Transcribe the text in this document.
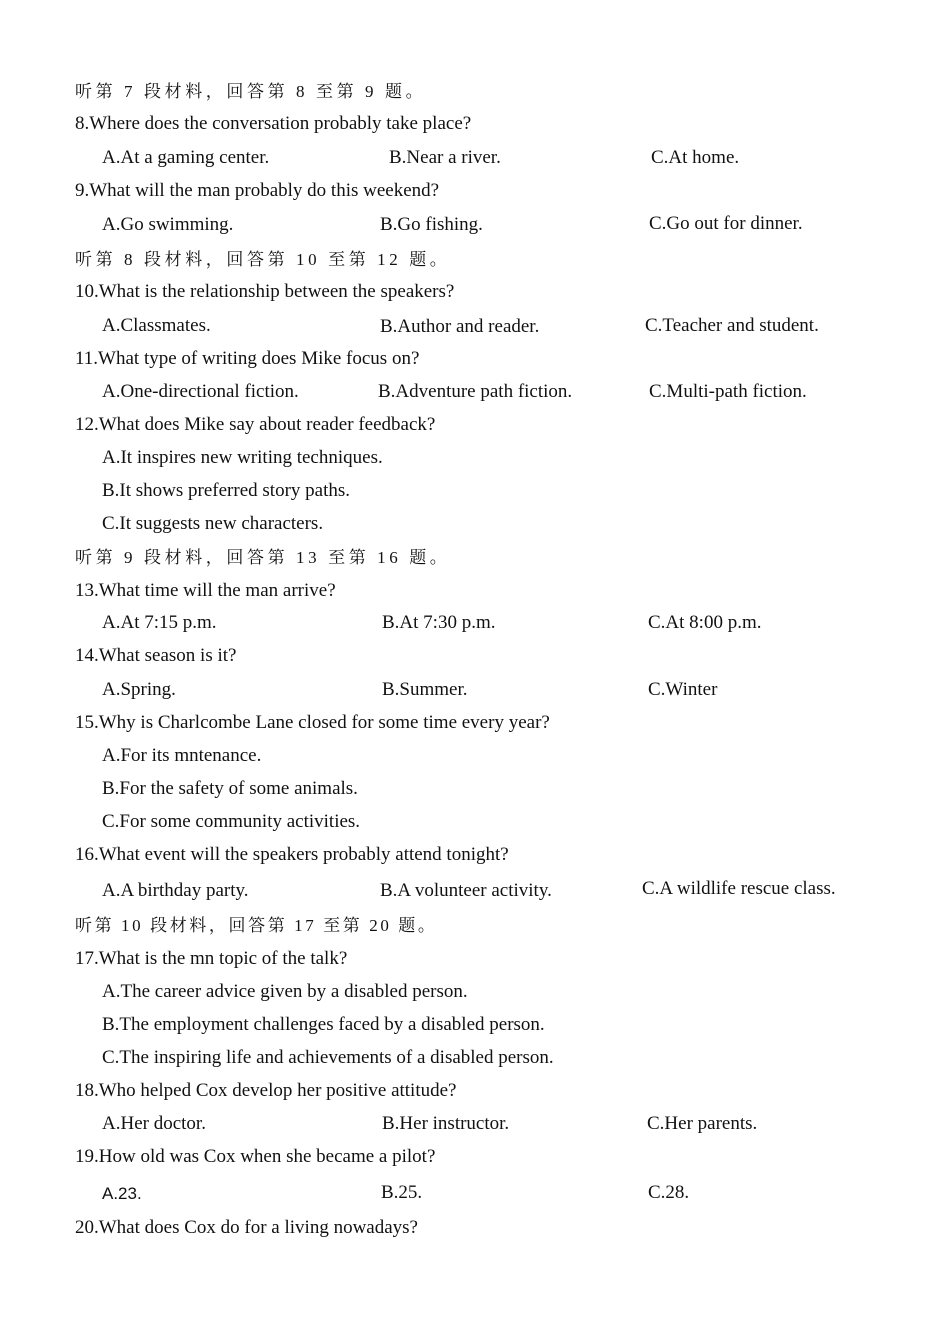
听第 7 段材料，回答第 8 至第 9 题。
8.Where does the conversation probably take place?
A.At a gaming center.	B.Near a river.	C.At home.
9.What will the man probably do this weekend?
A.Go swimming.	B.Go fishing.	C.Go out for dinner.
听第 8 段材料，回答第 10 至第 12 题。
10.What is the relationship between the speakers?
A.Classmates.	B.Author and reader.	C.Teacher and student.
11.What type of writing does Mike focus on?
A.One-directional fiction.	B.Adventure path fiction.	C.Multi-path fiction.
12.What does Mike say about reader feedback?
A.It inspires new writing techniques.
B.It shows preferred story paths.
C.It suggests new characters.
听第 9 段材料，回答第 13 至第 16 题。
13.What time will the man arrive?
A.At 7:15 p.m.	B.At 7:30 p.m.	C.At 8:00 p.m.
14.What season is it?
A.Spring.	B.Summer.	C.Winter
15.Why is Charlcombe Lane closed for some time every year?
A.For its mntenance.
B.For the safety of some animals.
C.For some community activities.
16.What event will the speakers probably attend tonight?
A.A birthday party.	B.A volunteer activity.	C.A wildlife rescue class.
听第 10 段材料，回答第 17 至第 20 题。
17.What is the mn topic of the talk?
A.The career advice given by a disabled person.
B.The employment challenges faced by a disabled person.
C.The inspiring life and achievements of a disabled person.
18.Who helped Cox develop her positive attitude?
A.Her doctor.	B.Her instructor.	C.Her parents.
19.How old was Cox when she became a pilot?
A.23.	B.25.	C.28.
20.What does Cox do for a living nowadays?
